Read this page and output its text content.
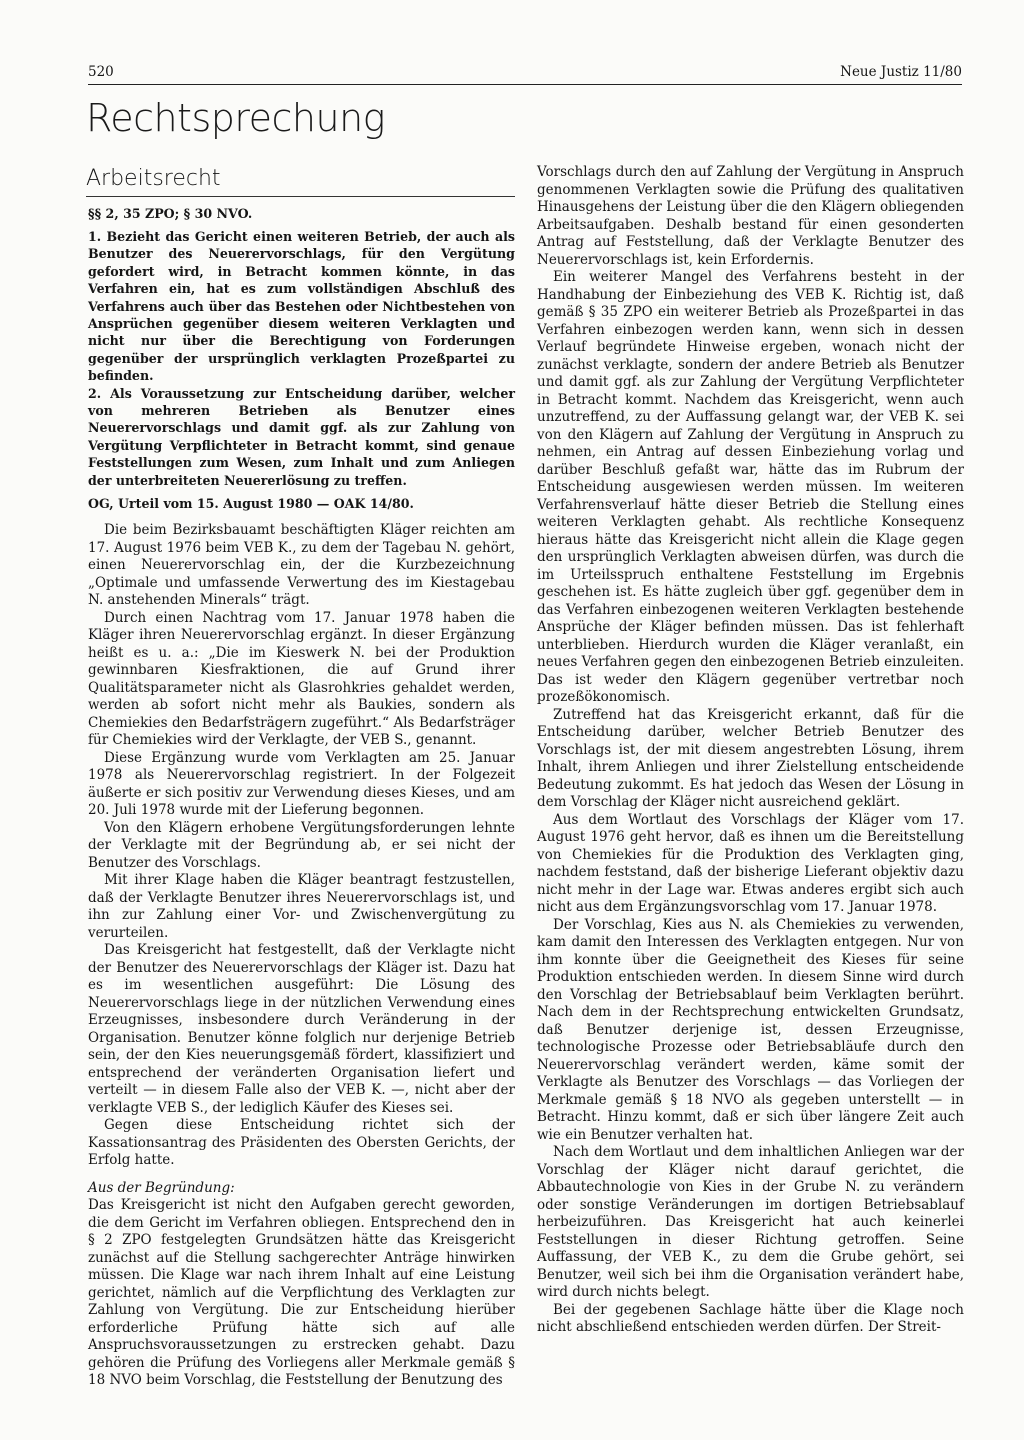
520	Neue Justiz 11/80
Rechtsprechung
Arbeitsrecht

§§ 2, 35 ZPO; § 30 NVO.

1. Bezieht das Gericht einen weiteren Betrieb, der auch als Benutzer des Neuerervorschlags, für den Vergütung gefordert wird, in Betracht kommen könnte, in das Verfahren ein, hat es zum vollständigen Abschluß des Verfahrens auch über das Bestehen oder Nichtbestehen von Ansprüchen gegenüber diesem weiteren Verklagten und nicht nur über die Berechtigung von Forderungen gegenüber der ursprünglich verklagten Prozeßpartei zu befinden.

2. Als Voraussetzung zur Entscheidung darüber, welcher von mehreren Betrieben als Benutzer eines Neuerervorschlags und damit ggf. als zur Zahlung von Vergütung Verpflichteter in Betracht kommt, sind genaue Feststellungen zum Wesen, zum Inhalt und zum Anliegen der unterbreiteten Neuererlösung zu treffen.

OG, Urteil vom 15. August 1980 — OAK 14/80.

Die beim Bezirksbauamt beschäftigten Kläger reichten am 17. August 1976 beim VEB K., zu dem der Tagebau N. gehört, einen Neuerervorschlag ein, der die Kurzbezeichnung „Optimale und umfassende Verwertung des im Kiestagebau N. anstehenden Minerals“ trägt.

Durch einen Nachtrag vom 17. Januar 1978 haben die Kläger ihren Neuerervorschlag ergänzt. In dieser Ergänzung heißt es u. a.: „Die im Kieswerk N. bei der Produktion gewinnbaren Kiesfraktionen, die auf Grund ihrer Qualitätsparameter nicht als Glasrohkries gehaldet werden, werden ab sofort nicht mehr als Baukies, sondern als Chemiekies den Bedarfsträgern zugeführt.“ Als Bedarfsträger für Chemiekies wird der Verklagte, der VEB S., genannt.

Diese Ergänzung wurde vom Verklagten am 25. Januar 1978 als Neuerervorschlag registriert. In der Folgezeit äußerte er sich positiv zur Verwendung dieses Kieses, und am 20. Juli 1978 wurde mit der Lieferung begonnen.

Von den Klägern erhobene Vergütungsforderungen lehnte der Verklagte mit der Begründung ab, er sei nicht der Benutzer des Vorschlags.

Mit ihrer Klage haben die Kläger beantragt festzustellen, daß der Verklagte Benutzer ihres Neuerervorschlags ist, und ihn zur Zahlung einer Vor- und Zwischenvergütung zu verurteilen.

Das Kreisgericht hat festgestellt, daß der Verklagte nicht der Benutzer des Neuerervorschlags der Kläger ist. Dazu hat es im wesentlichen ausgeführt: Die Lösung des Neuerervorschlags liege in der nützlichen Verwendung eines Erzeugnisses, insbesondere durch Veränderung in der Organisation. Benutzer könne folglich nur derjenige Betrieb sein, der den Kies neuerungsgemäß fördert, klassifiziert und entsprechend der veränderten Organisation liefert und verteilt — in diesem Falle also der VEB K. —, nicht aber der verklagte VEB S., der lediglich Käufer des Kieses sei.

Gegen diese Entscheidung richtet sich der Kassationsantrag des Präsidenten des Obersten Gerichts, der Erfolg hatte.

Aus der Begründung:

Das Kreisgericht ist nicht den Aufgaben gerecht geworden, die dem Gericht im Verfahren obliegen. Entsprechend den in § 2 ZPO festgelegten Grundsätzen hätte das Kreisgericht zunächst auf die Stellung sachgerechter Anträge hinwirken müssen. Die Klage war nach ihrem Inhalt auf eine Leistung gerichtet, nämlich auf die Verpflichtung des Verklagten zur Zahlung von Vergütung. Die zur Entscheidung hierüber erforderliche Prüfung hätte sich auf alle Anspruchsvoraussetzungen zu erstrecken gehabt. Dazu gehören die Prüfung des Vorliegens aller Merkmale gemäß § 18 NVO beim Vorschlag, die Feststellung der Benutzung des

Vorschlags durch den auf Zahlung der Vergütung in Anspruch genommenen Verklagten sowie die Prüfung des qualitativen Hinausgehens der Leistung über die den Klägern obliegenden Arbeitsaufgaben. Deshalb bestand für einen gesonderten Antrag auf Feststellung, daß der Verklagte Benutzer des Neuerervorschlags ist, kein Erfordernis.

Ein weiterer Mangel des Verfahrens besteht in der Handhabung der Einbeziehung des VEB K. Richtig ist, daß gemäß § 35 ZPO ein weiterer Betrieb als Prozeßpartei in das Verfahren einbezogen werden kann, wenn sich in dessen Verlauf begründete Hinweise ergeben, wonach nicht der zunächst verklagte, sondern der andere Betrieb als Benutzer und damit ggf. als zur Zahlung der Vergütung Verpflichteter in Betracht kommt. Nachdem das Kreisgericht, wenn auch unzutreffend, zu der Auffassung gelangt war, der VEB K. sei von den Klägern auf Zahlung der Vergütung in Anspruch zu nehmen, ein Antrag auf dessen Einbeziehung vorlag und darüber Beschluß gefaßt war, hätte das im Rubrum der Entscheidung ausgewiesen werden müssen. Im weiteren Verfahrensverlauf hätte dieser Betrieb die Stellung eines weiteren Verklagten gehabt. Als rechtliche Konsequenz hieraus hätte das Kreisgericht nicht allein die Klage gegen den ursprünglich Verklagten abweisen dürfen, was durch die im Urteilsspruch enthaltene Feststellung im Ergebnis geschehen ist. Es hätte zugleich über ggf. gegenüber dem in das Verfahren einbezogenen weiteren Verklagten bestehende Ansprüche der Kläger befinden müssen. Das ist fehlerhaft unterblieben. Hierdurch wurden die Kläger veranlaßt, ein neues Verfahren gegen den einbezogenen Betrieb einzuleiten. Das ist weder den Klägern gegenüber vertretbar noch prozeßökonomisch.

Zutreffend hat das Kreisgericht erkannt, daß für die Entscheidung darüber, welcher Betrieb Benutzer des Vorschlags ist, der mit diesem angestrebten Lösung, ihrem Inhalt, ihrem Anliegen und ihrer Zielstellung entscheidende Bedeutung zukommt. Es hat jedoch das Wesen der Lösung in dem Vorschlag der Kläger nicht ausreichend geklärt.

Aus dem Wortlaut des Vorschlags der Kläger vom 17. August 1976 geht hervor, daß es ihnen um die Bereitstellung von Chemiekies für die Produktion des Verklagten ging, nachdem feststand, daß der bisherige Lieferant objektiv dazu nicht mehr in der Lage war. Etwas anderes ergibt sich auch nicht aus dem Ergänzungsvorschlag vom 17. Januar 1978.

Der Vorschlag, Kies aus N. als Chemiekies zu verwenden, kam damit den Interessen des Verklagten entgegen. Nur von ihm konnte über die Geeignetheit des Kieses für seine Produktion entschieden werden. In diesem Sinne wird durch den Vorschlag der Betriebsablauf beim Verklagten berührt. Nach dem in der Rechtsprechung entwickelten Grundsatz, daß Benutzer derjenige ist, dessen Erzeugnisse, technologische Prozesse oder Betriebsabläufe durch den Neuerervorschlag verändert werden, käme somit der Verklagte als Benutzer des Vorschlags — das Vorliegen der Merkmale gemäß § 18 NVO als gegeben unterstellt — in Betracht. Hinzu kommt, daß er sich über längere Zeit auch wie ein Benutzer verhalten hat.

Nach dem Wortlaut und dem inhaltlichen Anliegen war der Vorschlag der Kläger nicht darauf gerichtet, die Abbautechnologie von Kies in der Grube N. zu verändern oder sonstige Veränderungen im dortigen Betriebsablauf herbeizuführen. Das Kreisgericht hat auch keinerlei Feststellungen in dieser Richtung getroffen. Seine Auffassung, der VEB K., zu dem die Grube gehört, sei Benutzer, weil sich bei ihm die Organisation verändert habe, wird durch nichts belegt.

Bei der gegebenen Sachlage hätte über die Klage noch nicht abschließend entschieden werden dürfen. Der Streit-
